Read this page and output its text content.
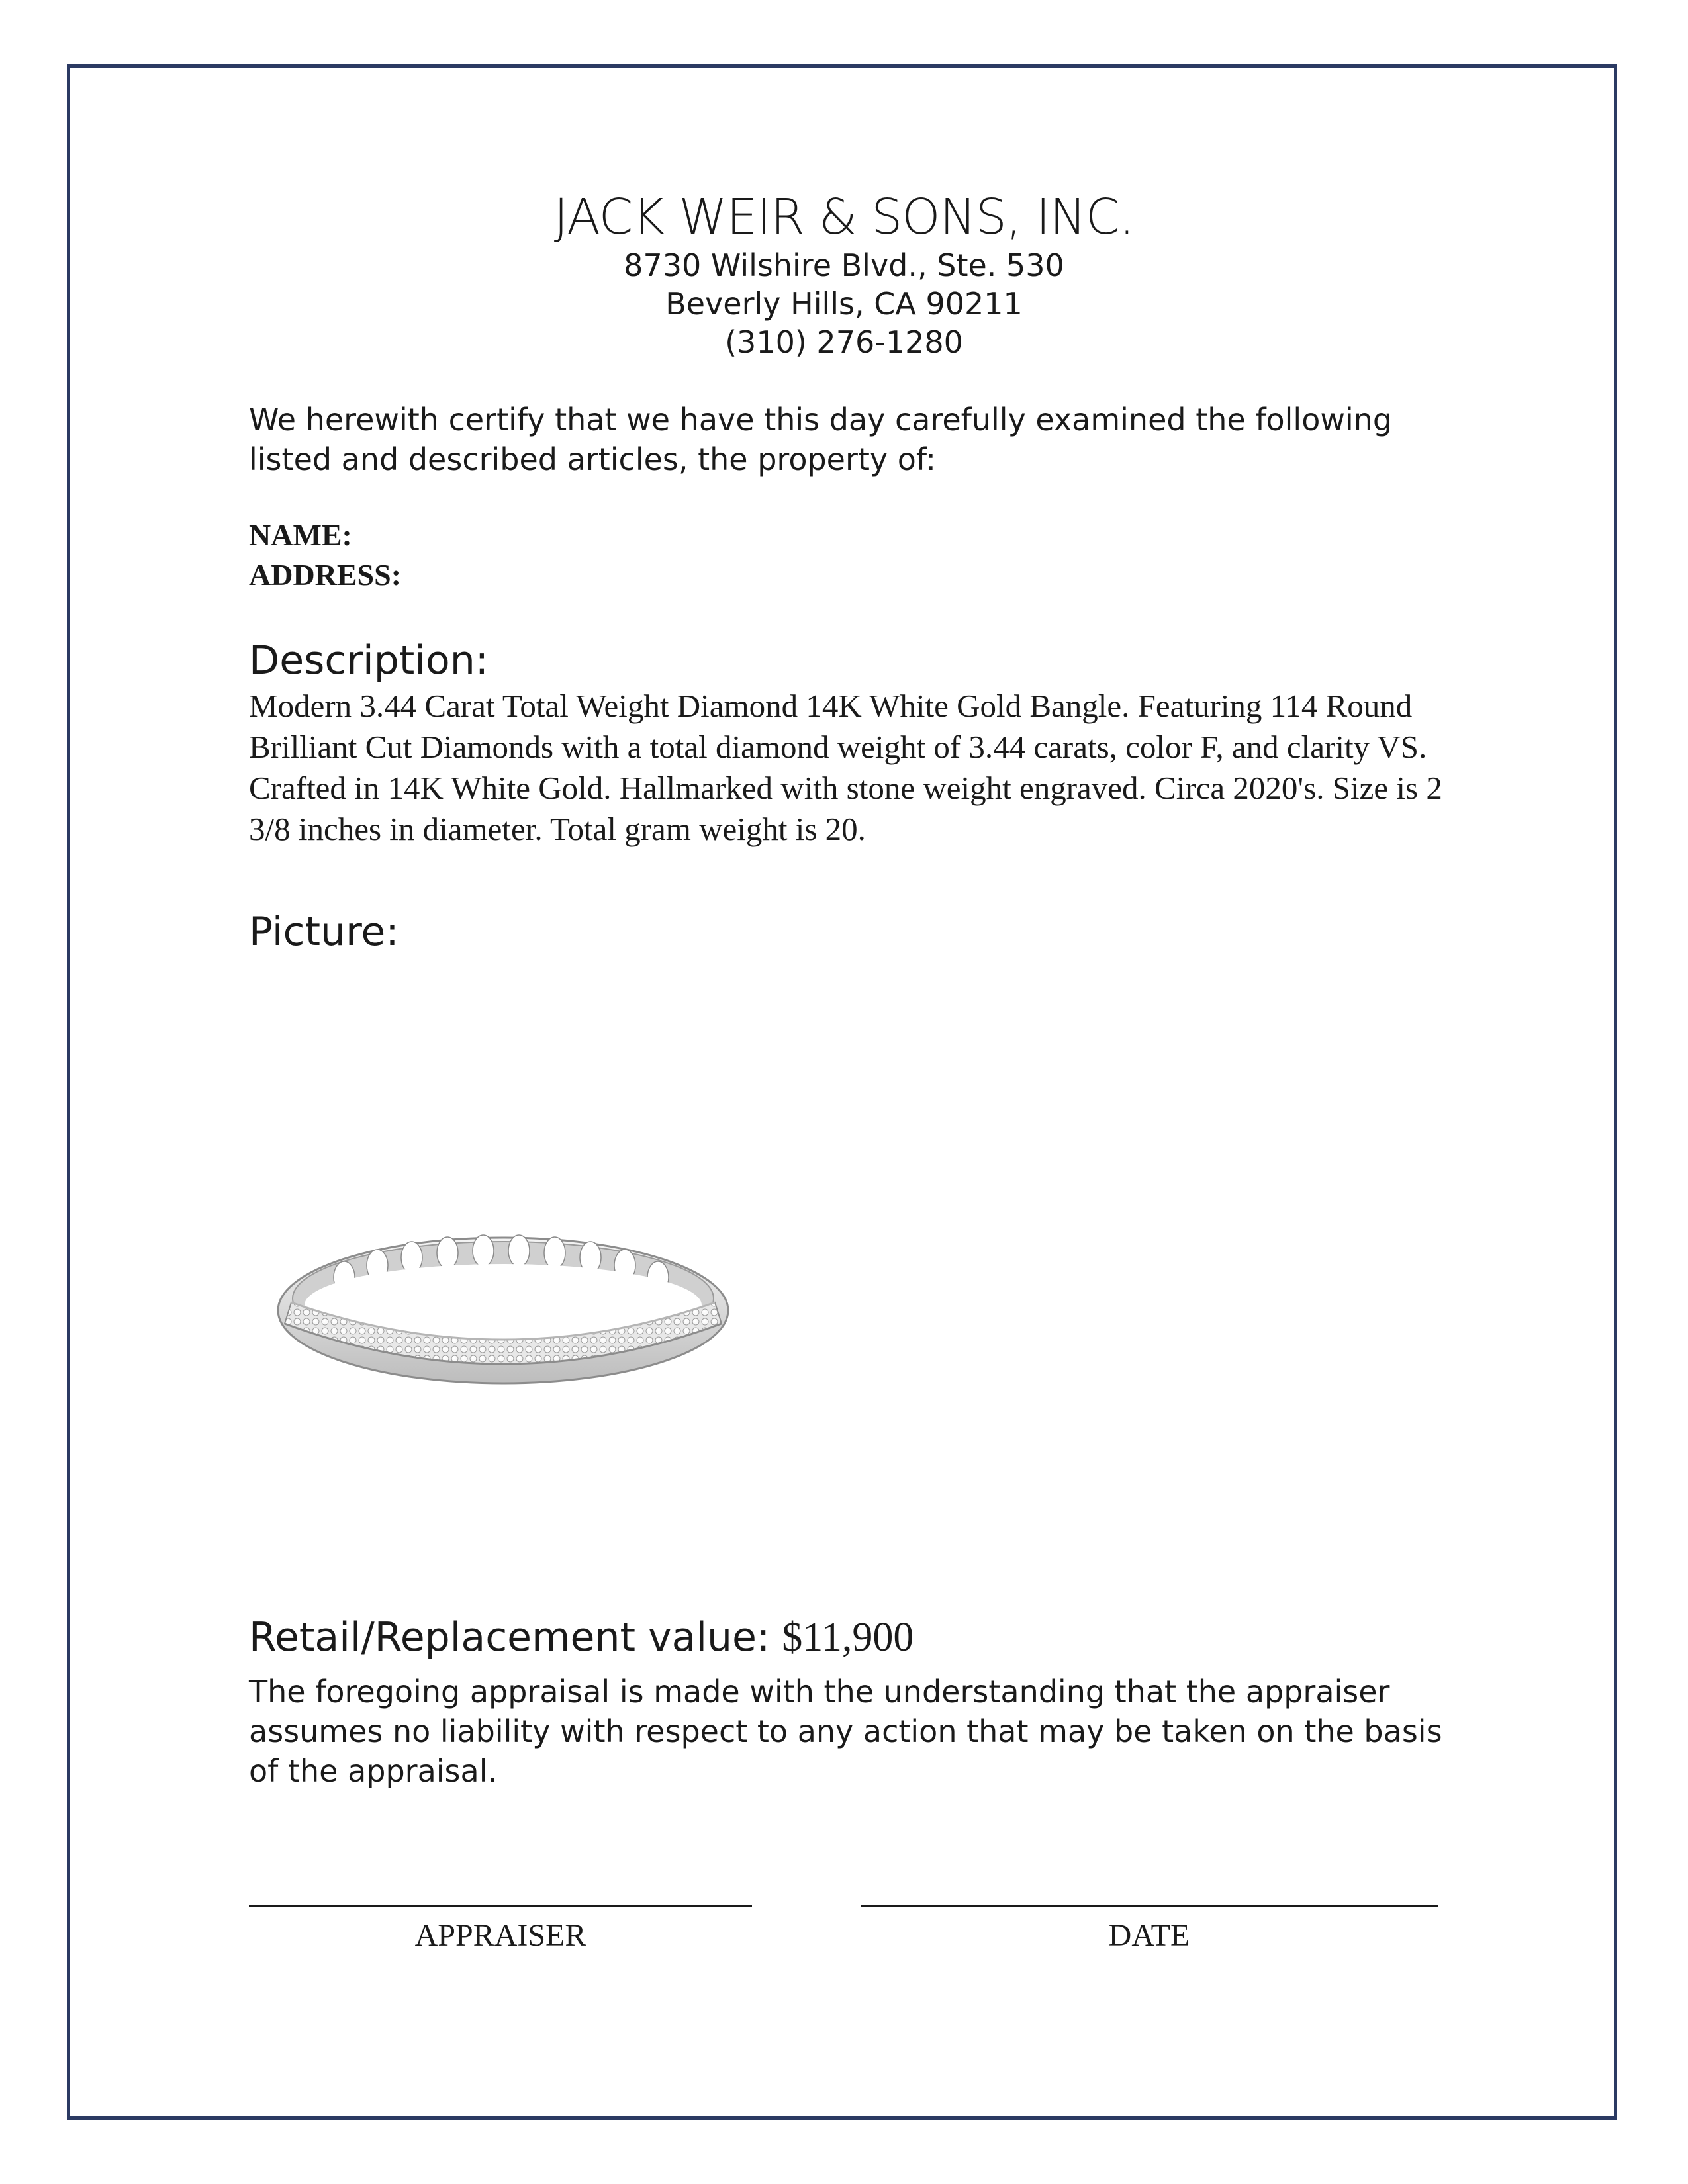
JACK WEIR & SONS, INC.
8730 Wilshire Blvd., Ste. 530
Beverly Hills, CA 90211
(310) 276-1280
We herewith certify that we have this day carefully examined the following listed and described articles, the property of:
NAME:
ADDRESS:
Description:
Modern 3.44 Carat Total Weight Diamond 14K White Gold Bangle. Featuring 114 Round Brilliant Cut Diamonds with a total diamond weight of 3.44 carats, color F, and clarity VS. Crafted in 14K White Gold. Hallmarked with stone weight engraved. Circa 2020's. Size is 2 3/8 inches in diameter. Total gram weight is 20.
Picture:
Retail/Replacement value: $11,900
The foregoing appraisal is made with the understanding that the appraiser assumes no liability with respect to any action that may be taken on the basis of the appraisal.
APPRAISER	DATE
